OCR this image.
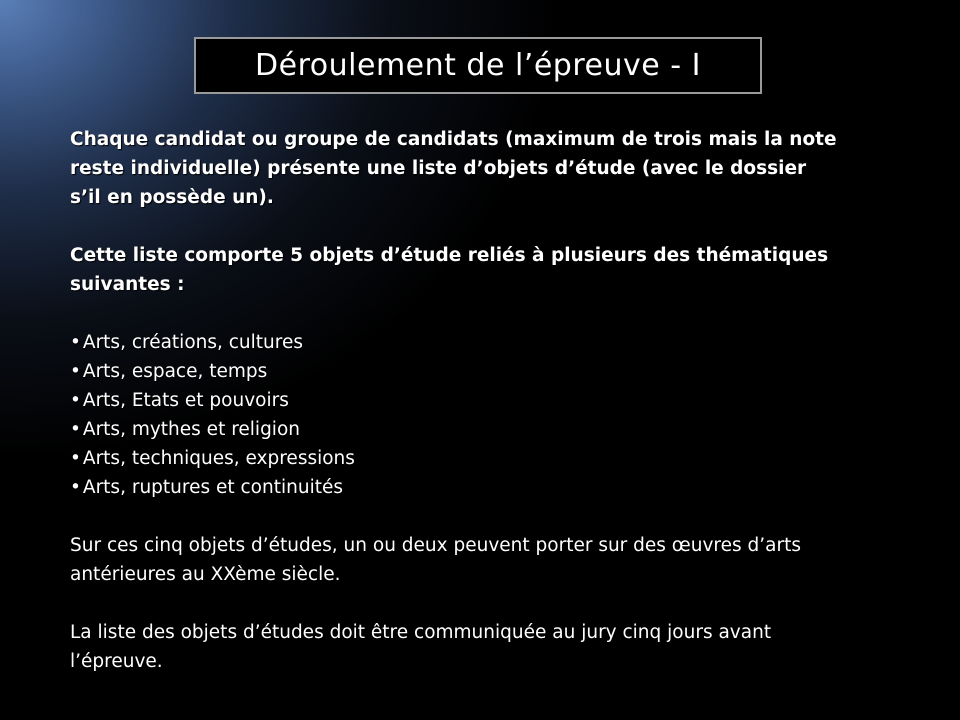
Déroulement de l’épreuve - I

Chaque candidat ou groupe de candidats (maximum de trois mais la note reste individuelle) présente une liste d’objets d’étude (avec le dossier s’il en possède un).

Cette liste comporte 5 objets d’étude reliés à plusieurs des thématiques suivantes :

• Arts, créations, cultures
• Arts, espace, temps
• Arts, Etats et pouvoirs
• Arts, mythes et religion
• Arts, techniques, expressions
• Arts, ruptures et continuités

Sur ces cinq objets d’études, un ou deux peuvent porter sur des œuvres d’arts antérieures au XXème siècle.

La liste des objets d’études doit être communiquée au jury cinq jours avant l’épreuve.
